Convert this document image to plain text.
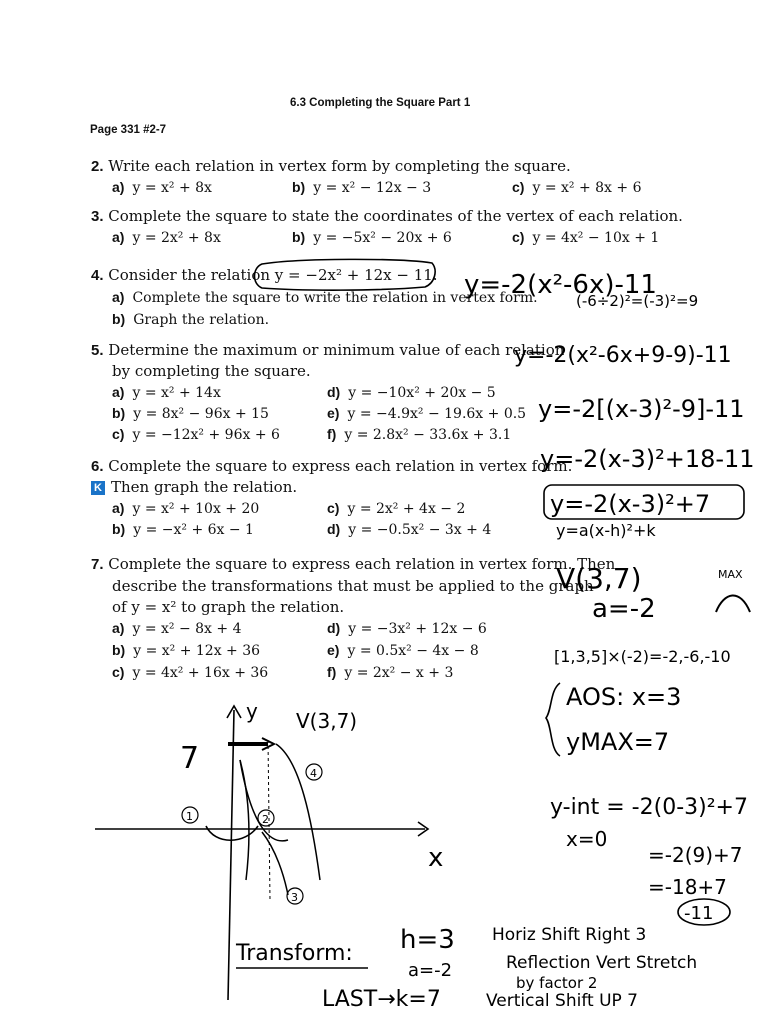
6.3 Completing the Square Part 1
Page 331 #2-7
2. Write each relation in vertex form by completing the square.
a) y = x² + 8x	b) y = x² − 12x − 3	c) y = x² + 8x + 6
3. Complete the square to state the coordinates of the vertex of each relation.
a) y = 2x² + 8x	b) y = −5x² − 20x + 6	c) y = 4x² − 10x + 1
4. Consider the relation y = −2x² + 12x − 11.
a) Complete the square to write the relation in vertex form.
b) Graph the relation.
5. Determine the maximum or minimum value of each relation
by completing the square.
a) y = x² + 14x
b) y = 8x² − 96x + 15
c) y = −12x² + 96x + 6
d) y = −10x² + 20x − 5
e) y = −4.9x² − 19.6x + 0.5
f) y = 2.8x² − 33.6x + 3.1
6. Complete the square to express each relation in vertex form.
K Then graph the relation.
a) y = x² + 10x + 20
b) y = −x² + 6x − 1
c) y = 2x² + 4x − 2
d) y = −0.5x² − 3x + 4
7. Complete the square to express each relation in vertex form. Then
describe the transformations that must be applied to the graph
of y = x² to graph the relation.
a) y = x² − 8x + 4
b) y = x² + 12x + 36
c) y = 4x² + 16x + 36
d) y = −3x² + 12x − 6
e) y = 0.5x² − 4x − 8
f) y = 2x² − x + 3
y=-2(x²-6x)-11
(-6÷2)²=(-3)²=9
y=-2(x²-6x+9-9)-11
y=-2[(x-3)²-9]-11
y=-2(x-3)²+18-11
y=-2(x-3)²+7
y=a(x-h)²+k
V(3,7)	MAX
a=-2
[1,3,5]×(-2)=-2,-6,-10
AOS: x=3
yMAX=7
y-int = -2(0-3)²+7
x=0
=-2(9)+7
=-18+7
-11
y
x
7
V(3,7)
1	2
3
4
Transform: h=3 Horiz Shift Right 3
a=-2	Reflection Vert Stretch
by factor 2
LAST→k=7	Vertical Shift UP 7
